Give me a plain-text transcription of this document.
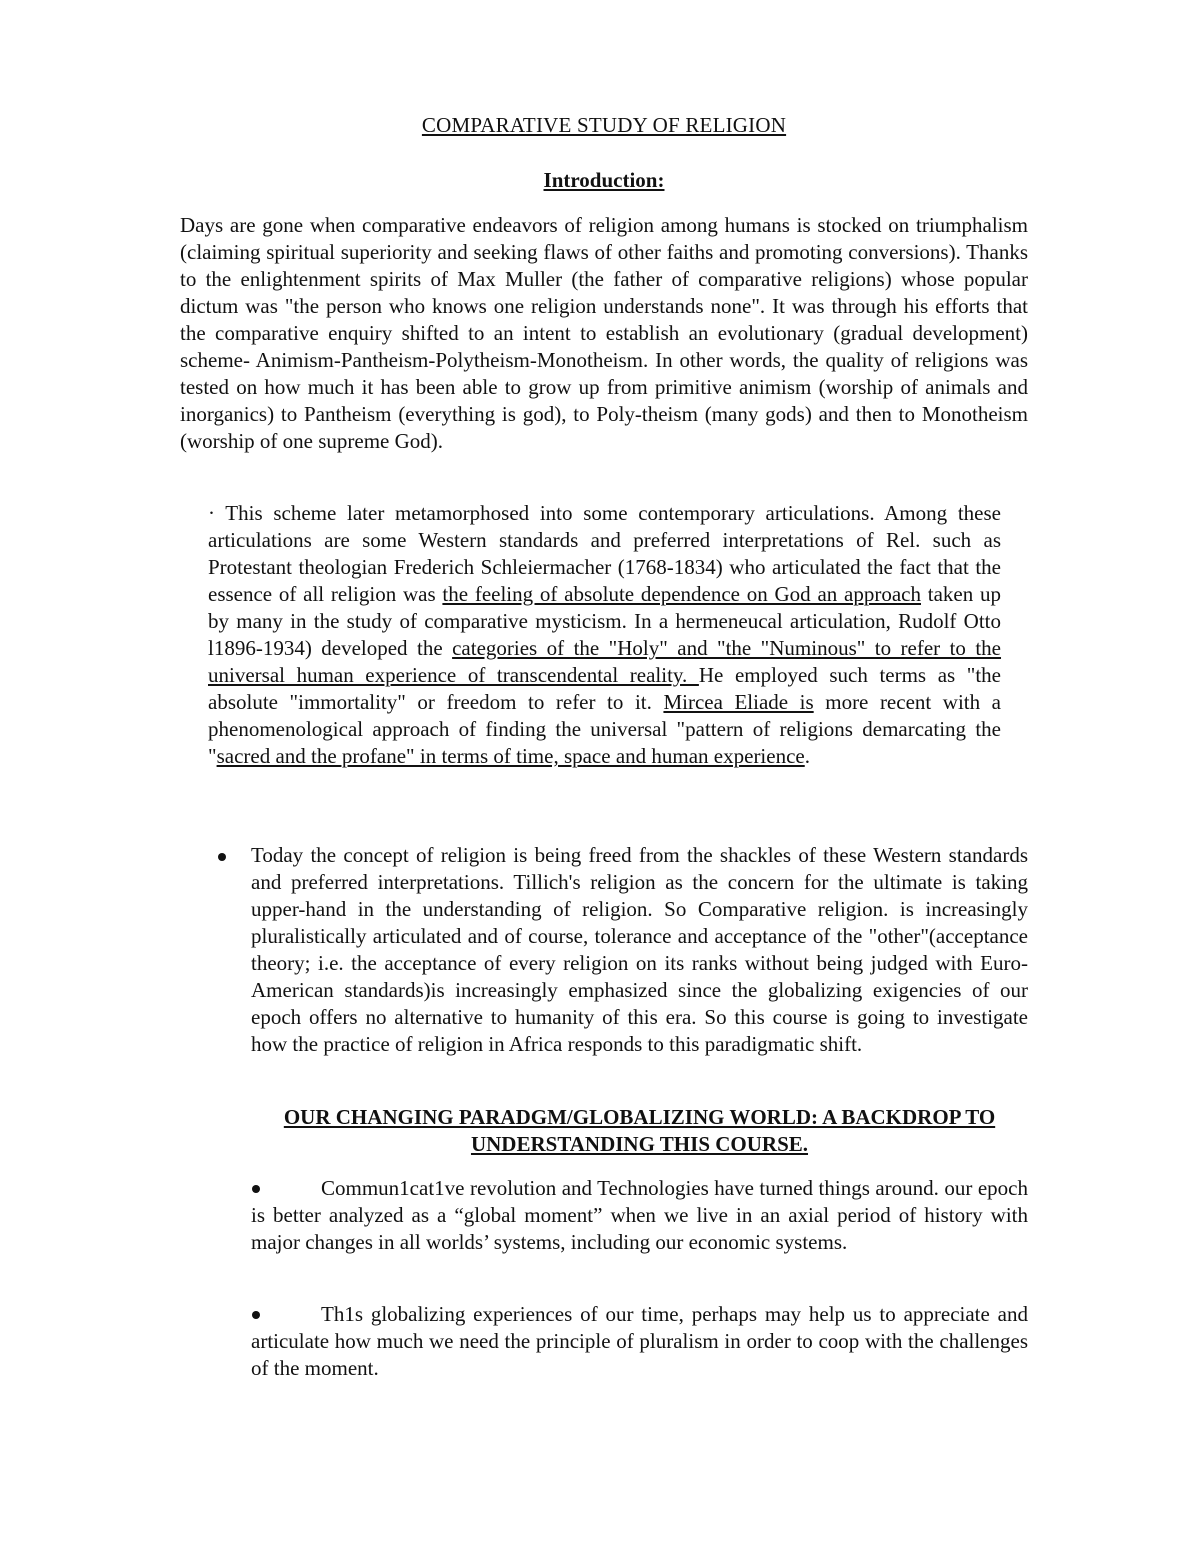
COMPARATIVE STUDY OF RELIGION
Introduction:

Days are gone when comparative endeavors of religion among humans is stocked on triumphalism (claiming spiritual superiority and seeking flaws of other faiths and promoting conversions). Thanks to the enlightenment spirits of Max Muller (the father of comparative religions) whose popular dictum was "the person who knows one religion understands none". It was through his efforts that the comparative enquiry shifted to an intent to establish an evolutionary (gradual development) scheme- Animism-Pantheism-Polytheism-Monotheism. In other words, the quality of religions was tested on how much it has been able to grow up from primitive animism (worship of animals and inorganics) to Pantheism (everything is god), to Poly-theism (many gods) and then to Monotheism (worship of one supreme God).

· This scheme later metamorphosed into some contemporary articulations. Among these articulations are some Western standards and preferred interpretations of Rel. such as Protestant theologian Frederich Schleiermacher (1768-1834) who articulated the fact that the essence of all religion was the feeling of absolute dependence on God an approach taken up by many in the study of comparative mysticism. In a hermeneucal articulation, Rudolf Otto l1896-1934) developed the categories of the "Holy" and "the "Numinous" to refer to the universal human experience of transcendental reality. He employed such terms as "the absolute "immortality" or freedom to refer to it. Mircea Eliade is more recent with a phenomenological approach of finding the universal "pattern of religions demarcating the "sacred and the profane" in terms of time, space and human experience.

Today the concept of religion is being freed from the shackles of these Western standards and preferred interpretations. Tillich's religion as the concern for the ultimate is taking upper-hand in the understanding of religion. So Comparative religion. is increasingly pluralistically articulated and of course, tolerance and acceptance of the "other"(acceptance theory; i.e. the acceptance of every religion on its ranks without being judged with Euro-American standards)is increasingly emphasized since the globalizing exigencies of our epoch offers no alternative to humanity of this era. So this course is going to investigate how the practice of religion in Africa responds to this paradigmatic shift.

OUR CHANGING PARADGM/GLOBALIZING WORLD: A BACKDROP TO UNDERSTANDING THIS COURSE.

Commun1cat1ve revolution and Technologies have turned things around. our epoch is better analyzed as a “global moment” when we live in an axial period of history with major changes in all worlds’ systems, including our economic systems.

Th1s globalizing experiences of our time, perhaps may help us to appreciate and articulate how much we need the principle of pluralism in order to coop with the challenges of the moment.
